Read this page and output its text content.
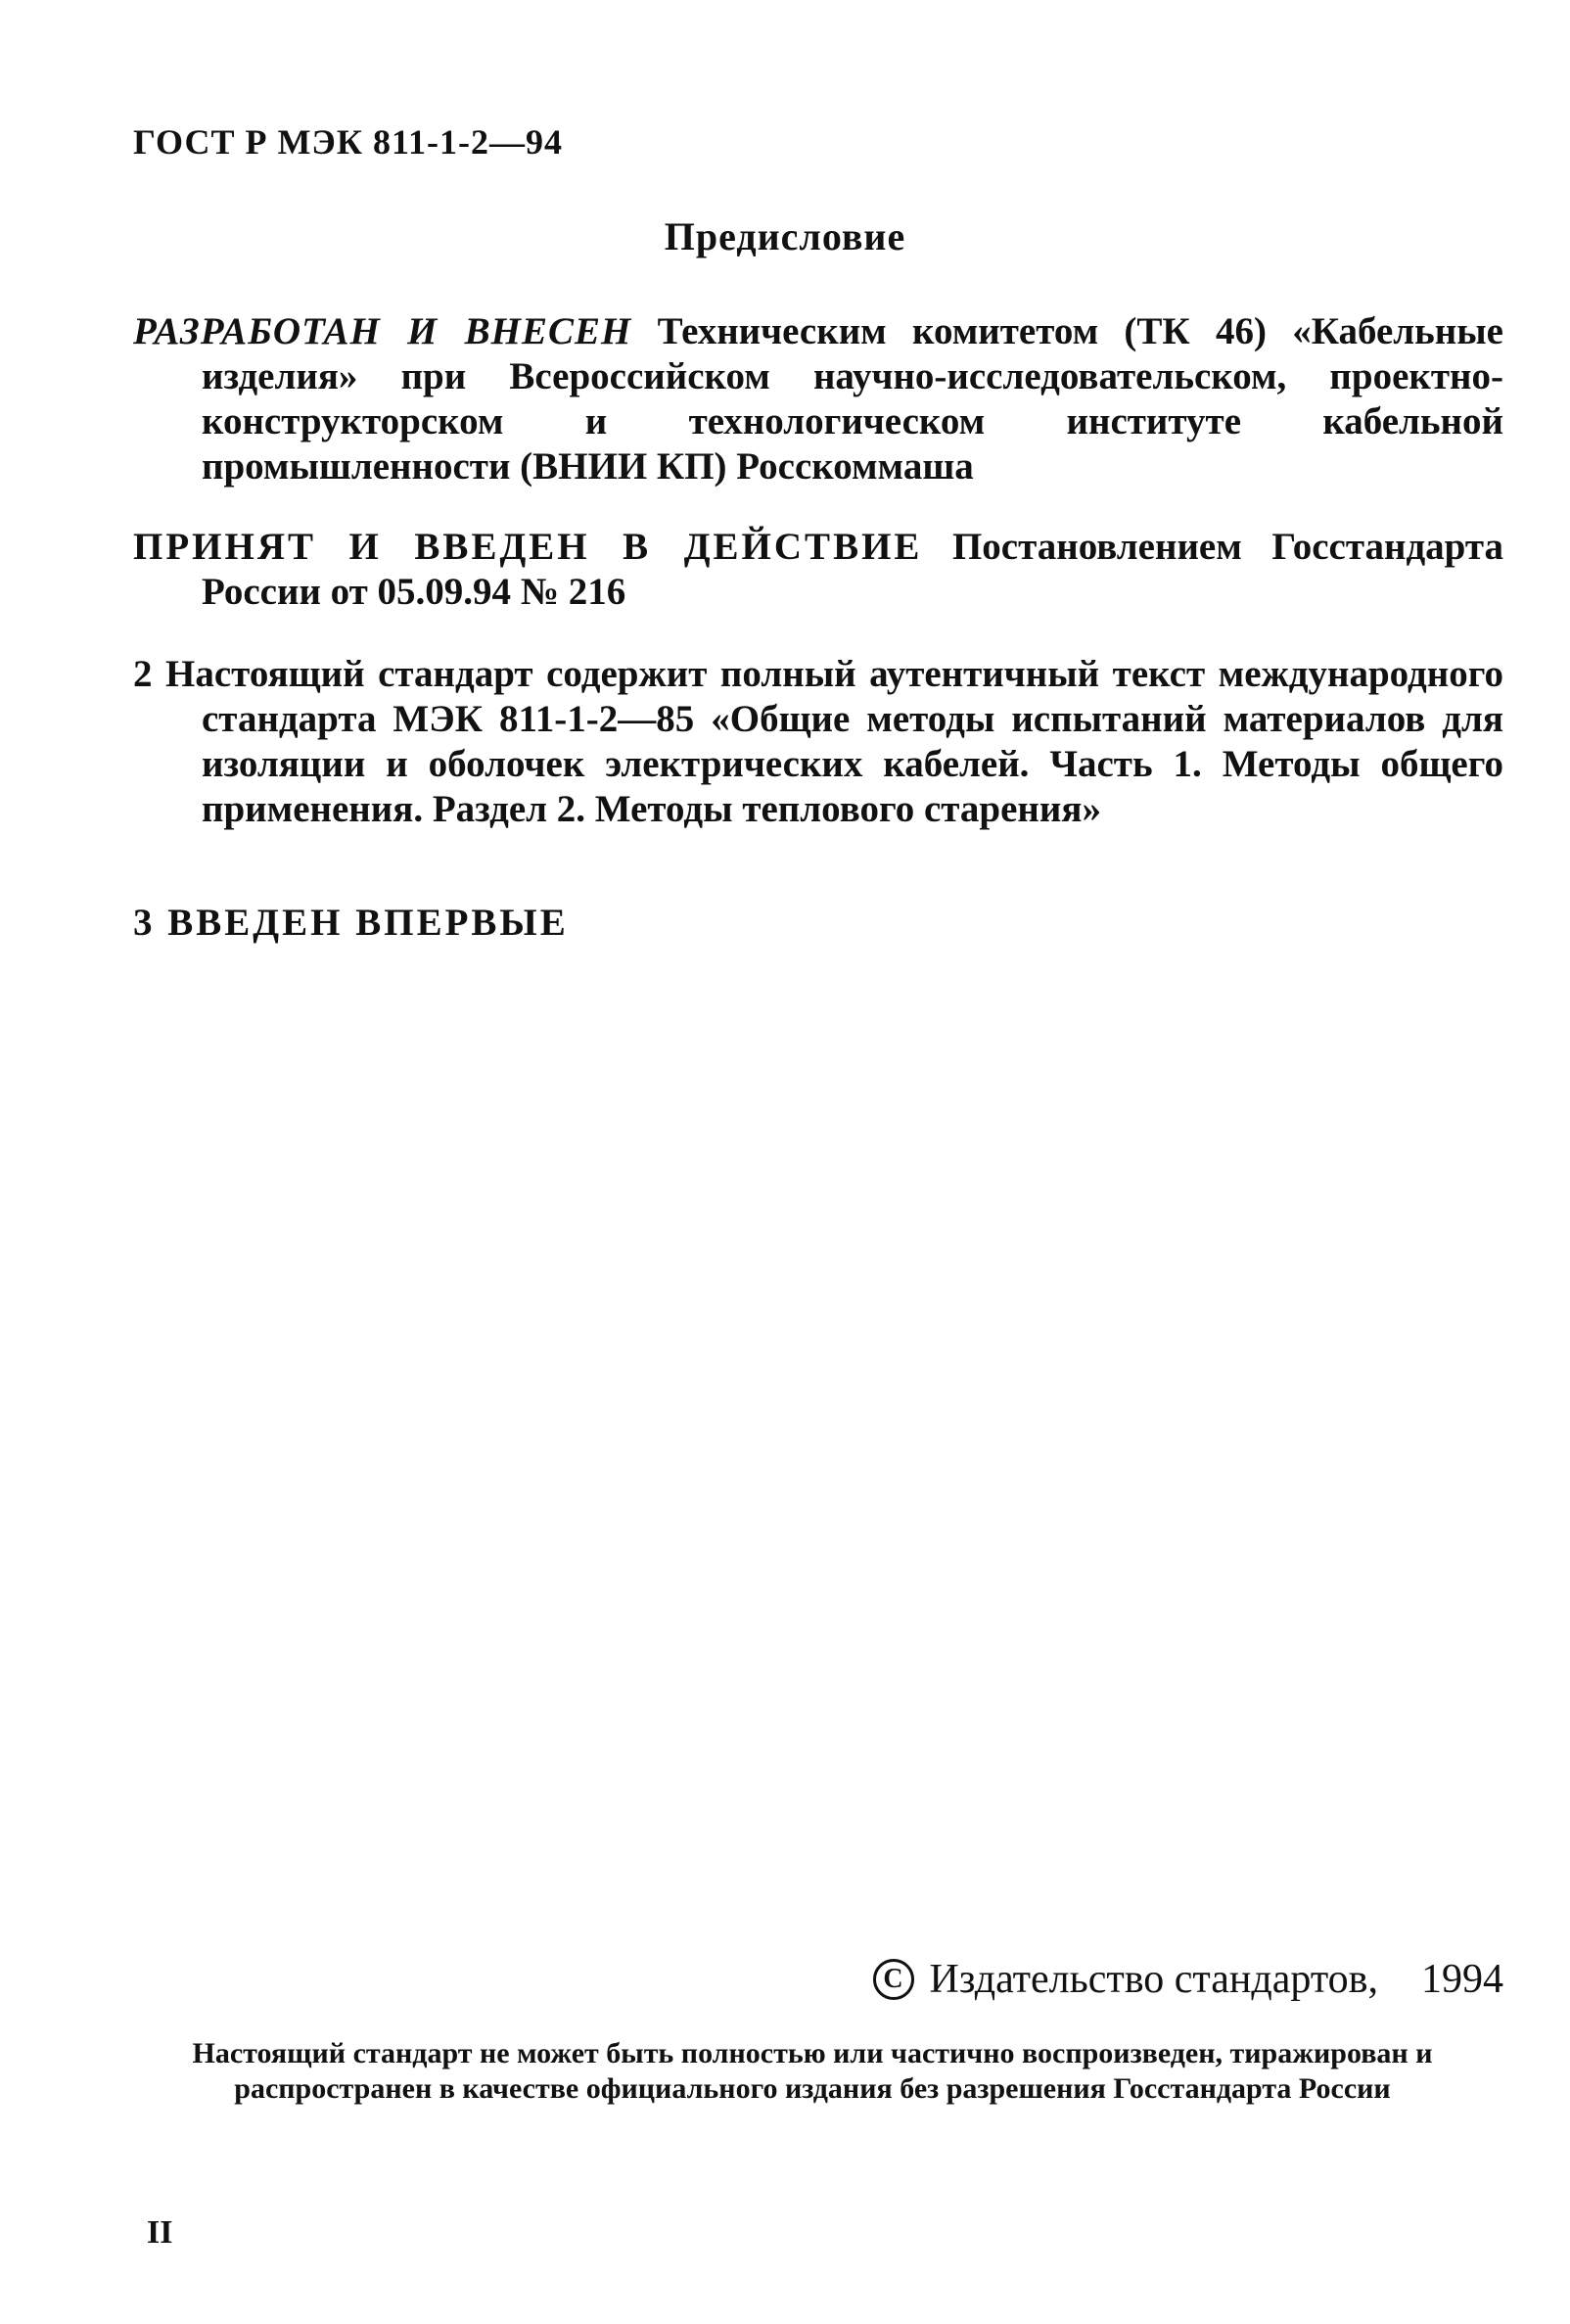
ГОСТ Р МЭК 811-1-2—94
Предисловие
РАЗРАБОТАН И ВНЕСЕН Техническим комитетом (ТК 46) «Кабельные изделия» при Всероссийском научно-исследовательском, проектно-конструкторском и технологическом институте кабельной промышленности (ВНИИ КП) Росскоммаша
ПРИНЯТ И ВВЕДЕН В ДЕЙСТВИЕ Постановлением Госстандарта России от 05.09.94 № 216
2 Настоящий стандарт содержит полный аутентичный текст международного стандарта МЭК 811-1-2—85 «Общие методы испытаний материалов для изоляции и оболочек электрических кабелей. Часть 1. Методы общего применения. Раздел 2. Методы теплового старения»
3 ВВЕДЕН ВПЕРВЫЕ
C Издательство стандартов, 1994
Настоящий стандарт не может быть полностью или частично воспроизведен, тиражирован и распространен в качестве официального издания без разрешения Госстандарта России
II
